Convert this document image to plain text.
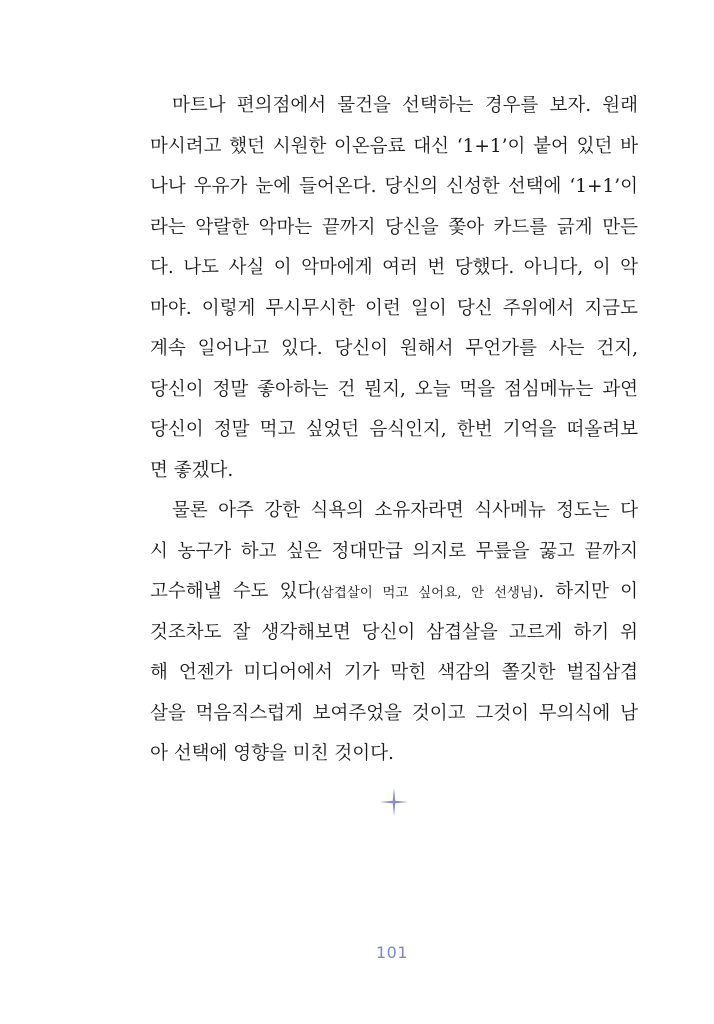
마트나 편의점에서 물건을 선택하는 경우를 보자. 원래
마시려고 했던 시원한 이온음료 대신 ‘1+1’이 붙어 있던 바
나나 우유가 눈에 들어온다. 당신의 신성한 선택에 ‘1+1’이
라는 악랄한 악마는 끝까지 당신을 쫓아 카드를 긁게 만든
다. 나도 사실 이 악마에게 여러 번 당했다. 아니다, 이 악
마야. 이렇게 무시무시한 이런 일이 당신 주위에서 지금도
계속 일어나고 있다. 당신이 원해서 무언가를 사는 건지,
당신이 정말 좋아하는 건 뭔지, 오늘 먹을 점심메뉴는 과연
당신이 정말 먹고 싶었던 음식인지, 한번 기억을 떠올려보
면 좋겠다.
물론 아주 강한 식욕의 소유자라면 식사메뉴 정도는 다
시 농구가 하고 싶은 정대만급 의지로 무릎을 꿇고 끝까지
고수해낼 수도 있다(삼겹살이 먹고 싶어요, 안 선생님). 하지만 이
것조차도 잘 생각해보면 당신이 삼겹살을 고르게 하기 위
해 언젠가 미디어에서 기가 막힌 색감의 쫄깃한 벌집삼겹
살을 먹음직스럽게 보여주었을 것이고 그것이 무의식에 남
아 선택에 영향을 미친 것이다.
101
